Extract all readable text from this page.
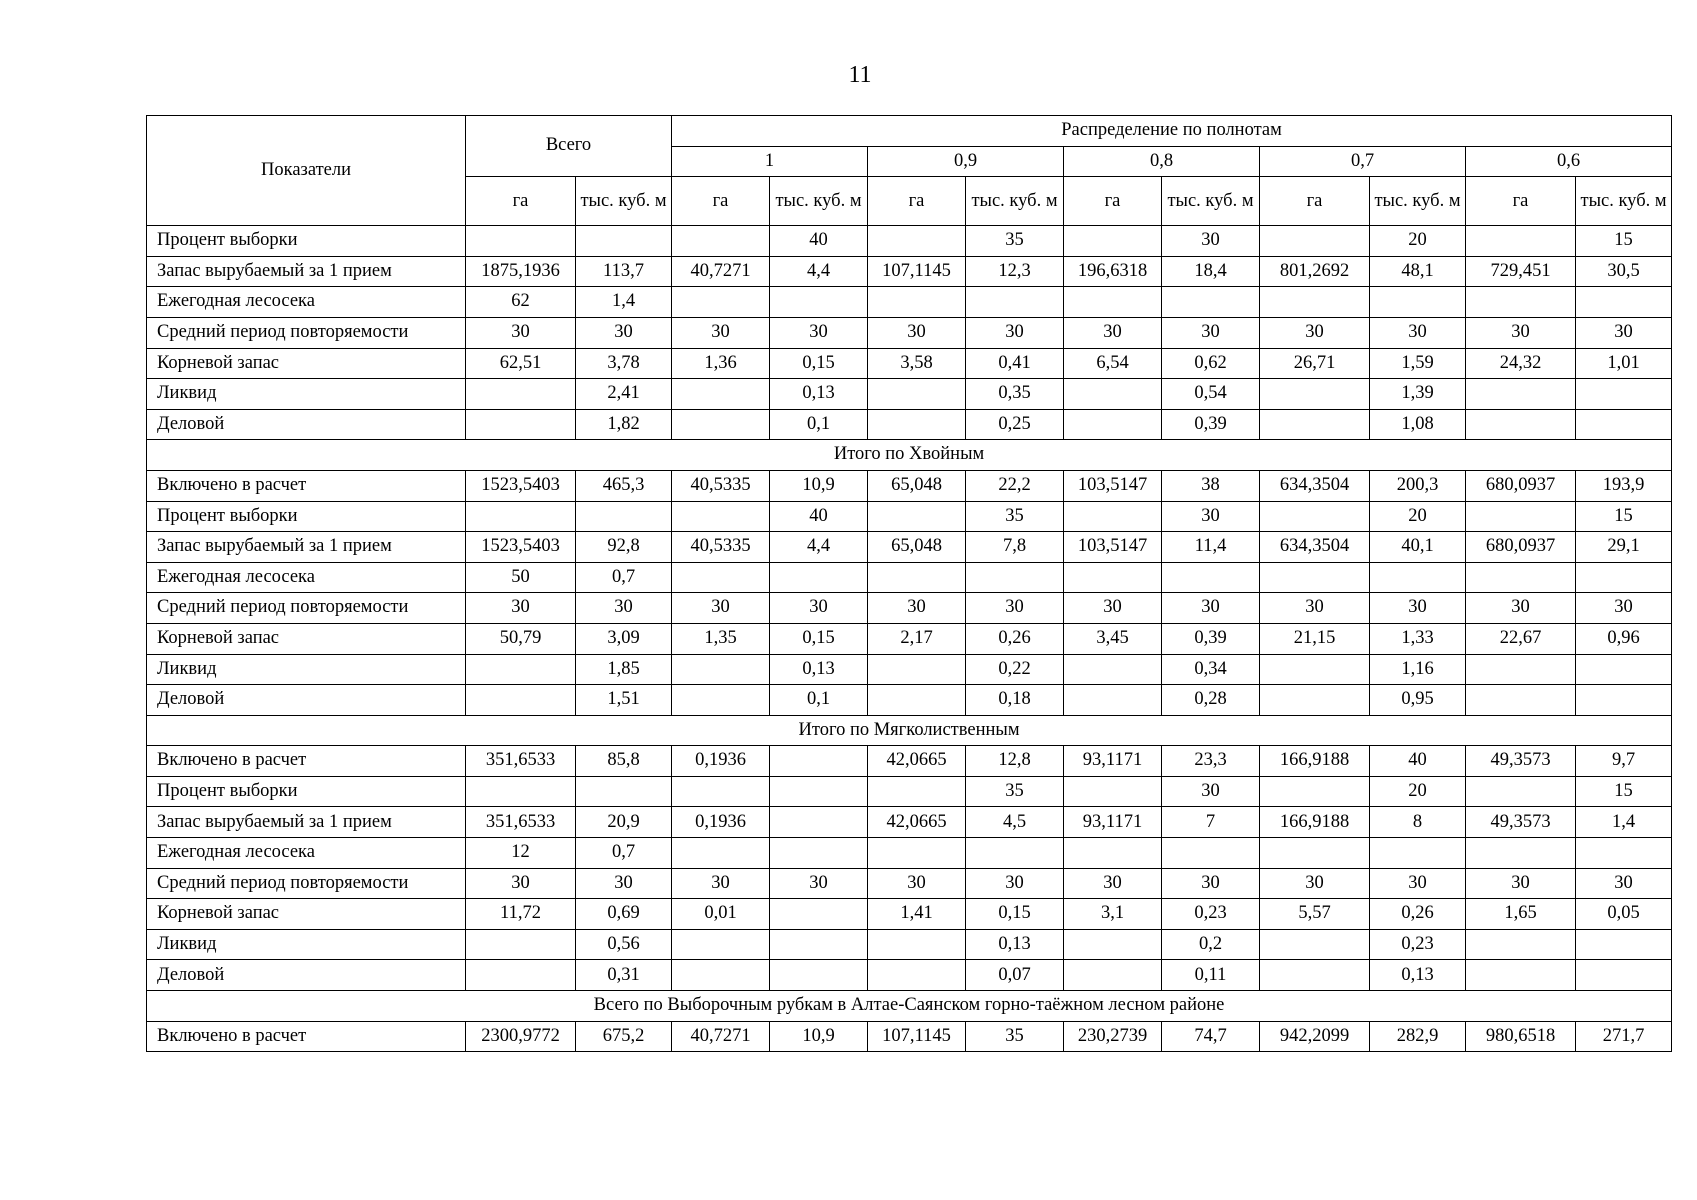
11
Показатели	Всего		Распределение по полнотам									
			1		0,9		0,8		0,7		0,6	
	га	тыс. куб. м	га	тыс. куб. м	га	тыс. куб. м	га	тыс. куб. м	га	тыс. куб. м	га	тыс. куб. м
Процент выборки				40		35		30		20		15
Запас вырубаемый за 1 прием	1875,1936	113,7	40,7271	4,4	107,1145	12,3	196,6318	18,4	801,2692	48,1	729,451	30,5
Ежегодная лесосека	62	1,4										
Средний период повторяемости	30	30	30	30	30	30	30	30	30	30	30	30
Корневой запас	62,51	3,78	1,36	0,15	3,58	0,41	6,54	0,62	26,71	1,59	24,32	1,01
Ликвид		2,41		0,13		0,35		0,54		1,39		
Деловой		1,82		0,1		0,25		0,39		1,08		
Итого по Хвойным												
Включено в расчет	1523,5403	465,3	40,5335	10,9	65,048	22,2	103,5147	38	634,3504	200,3	680,0937	193,9
Процент выборки				40		35		30		20		15
Запас вырубаемый за 1 прием	1523,5403	92,8	40,5335	4,4	65,048	7,8	103,5147	11,4	634,3504	40,1	680,0937	29,1
Ежегодная лесосека	50	0,7										
Средний период повторяемости	30	30	30	30	30	30	30	30	30	30	30	30
Корневой запас	50,79	3,09	1,35	0,15	2,17	0,26	3,45	0,39	21,15	1,33	22,67	0,96
Ликвид		1,85		0,13		0,22		0,34		1,16		
Деловой		1,51		0,1		0,18		0,28		0,95		
Итого по Мягколиственным												
Включено в расчет	351,6533	85,8	0,1936		42,0665	12,8	93,1171	23,3	166,9188	40	49,3573	9,7
Процент выборки						35		30		20		15
Запас вырубаемый за 1 прием	351,6533	20,9	0,1936		42,0665	4,5	93,1171	7	166,9188	8	49,3573	1,4
Ежегодная лесосека	12	0,7										
Средний период повторяемости	30	30	30	30	30	30	30	30	30	30	30	30
Корневой запас	11,72	0,69	0,01		1,41	0,15	3,1	0,23	5,57	0,26	1,65	0,05
Ликвид		0,56				0,13		0,2		0,23		
Деловой		0,31				0,07		0,11		0,13		
Всего по Выборочным рубкам в Алтае-Саянском горно-таёжном лесном районе												
Включено в расчет	2300,9772	675,2	40,7271	10,9	107,1145	35	230,2739	74,7	942,2099	282,9	980,6518	271,7
